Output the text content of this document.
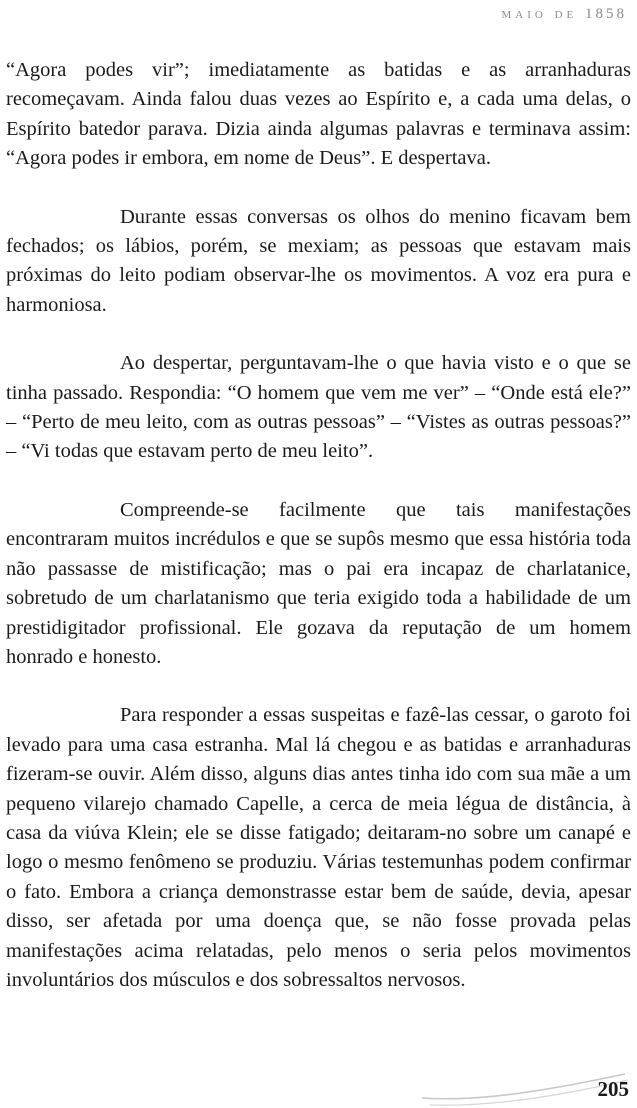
maio de 1858

“Agora podes vir”; imediatamente as batidas e as arranhaduras recomeçavam. Ainda falou duas vezes ao Espírito e, a cada uma delas, o Espírito batedor parava. Dizia ainda algumas palavras e terminava assim: “Agora podes ir embora, em nome de Deus”. E despertava.

Durante essas conversas os olhos do menino ficavam bem fechados; os lábios, porém, se mexiam; as pessoas que estavam mais próximas do leito podiam observar-lhe os movimentos. A voz era pura e harmoniosa.

Ao despertar, perguntavam-lhe o que havia visto e o que se tinha passado. Respondia: “O homem que vem me ver” – “Onde está ele?” – “Perto de meu leito, com as outras pessoas” – “Vistes as outras pessoas?” – “Vi todas que estavam perto de meu leito”.

Compreende-se facilmente que tais manifestações encontraram muitos incrédulos e que se supôs mesmo que essa história toda não passasse de mistificação; mas o pai era incapaz de charlatanice, sobretudo de um charlatanismo que teria exigido toda a habilidade de um prestidigitador profissional. Ele gozava da reputação de um homem honrado e honesto.

Para responder a essas suspeitas e fazê-las cessar, o garoto foi levado para uma casa estranha. Mal lá chegou e as batidas e arranhaduras fizeram-se ouvir. Além disso, alguns dias antes tinha ido com sua mãe a um pequeno vilarejo chamado Capelle, a cerca de meia légua de distância, à casa da viúva Klein; ele se disse fatigado; deitaram-no sobre um canapé e logo o mesmo fenômeno se produziu. Várias testemunhas podem confirmar o fato. Embora a criança demonstrasse estar bem de saúde, devia, apesar disso, ser afetada por uma doença que, se não fosse provada pelas manifestações acima relatadas, pelo menos o seria pelos movimentos involuntários dos músculos e dos sobressaltos nervosos.

205
